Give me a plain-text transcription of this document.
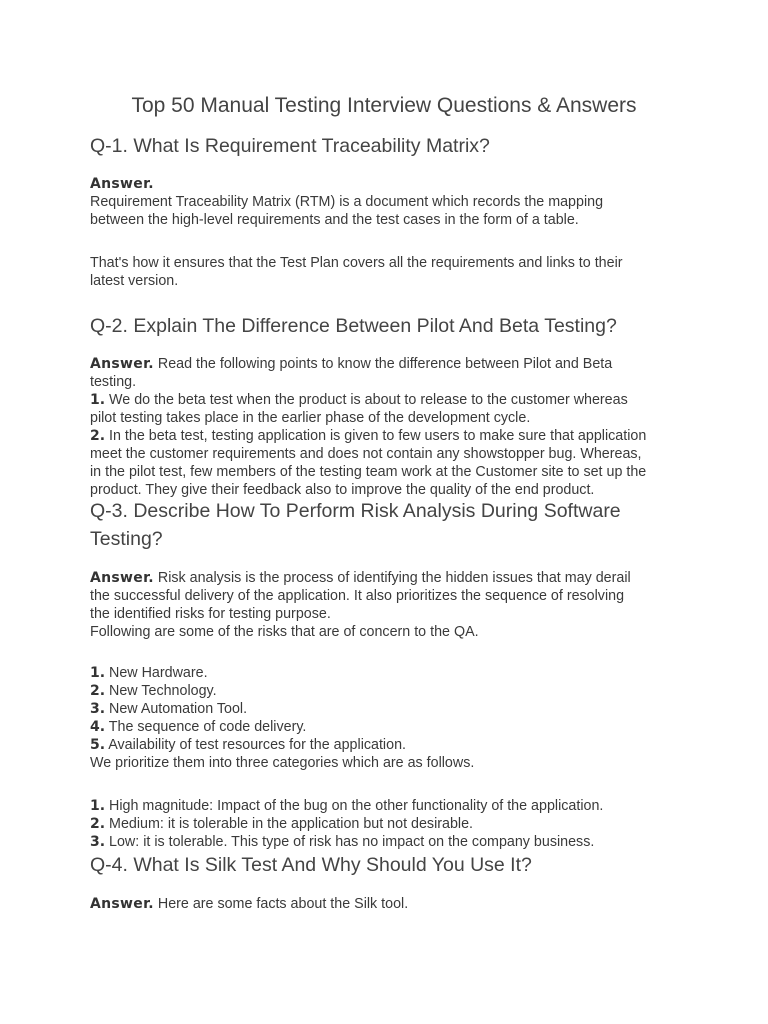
Top 50 Manual Testing Interview Questions & Answers
Q-1. What Is Requirement Traceability Matrix?
Answer.
Requirement Traceability Matrix (RTM) is a document which records the mapping
between the high-level requirements and the test cases in the form of a table.
That's how it ensures that the Test Plan covers all the requirements and links to their
latest version.
Q-2. Explain The Difference Between Pilot And Beta Testing?
Answer. Read the following points to know the difference between Pilot and Beta
testing.
1. We do the beta test when the product is about to release to the customer whereas
pilot testing takes place in the earlier phase of the development cycle.
2. In the beta test, testing application is given to few users to make sure that application
meet the customer requirements and does not contain any showstopper bug. Whereas,
in the pilot test, few members of the testing team work at the Customer site to set up the
product. They give their feedback also to improve the quality of the end product.
Q-3. Describe How To Perform Risk Analysis During Software
Testing?
Answer. Risk analysis is the process of identifying the hidden issues that may derail
the successful delivery of the application. It also prioritizes the sequence of resolving
the identified risks for testing purpose.
Following are some of the risks that are of concern to the QA.
1. New Hardware.
2. New Technology.
3. New Automation Tool.
4. The sequence of code delivery.
5. Availability of test resources for the application.
We prioritize them into three categories which are as follows.
1. High magnitude: Impact of the bug on the other functionality of the application.
2. Medium: it is tolerable in the application but not desirable.
3. Low: it is tolerable. This type of risk has no impact on the company business.
Q-4. What Is Silk Test And Why Should You Use It?
Answer. Here are some facts about the Silk tool.
